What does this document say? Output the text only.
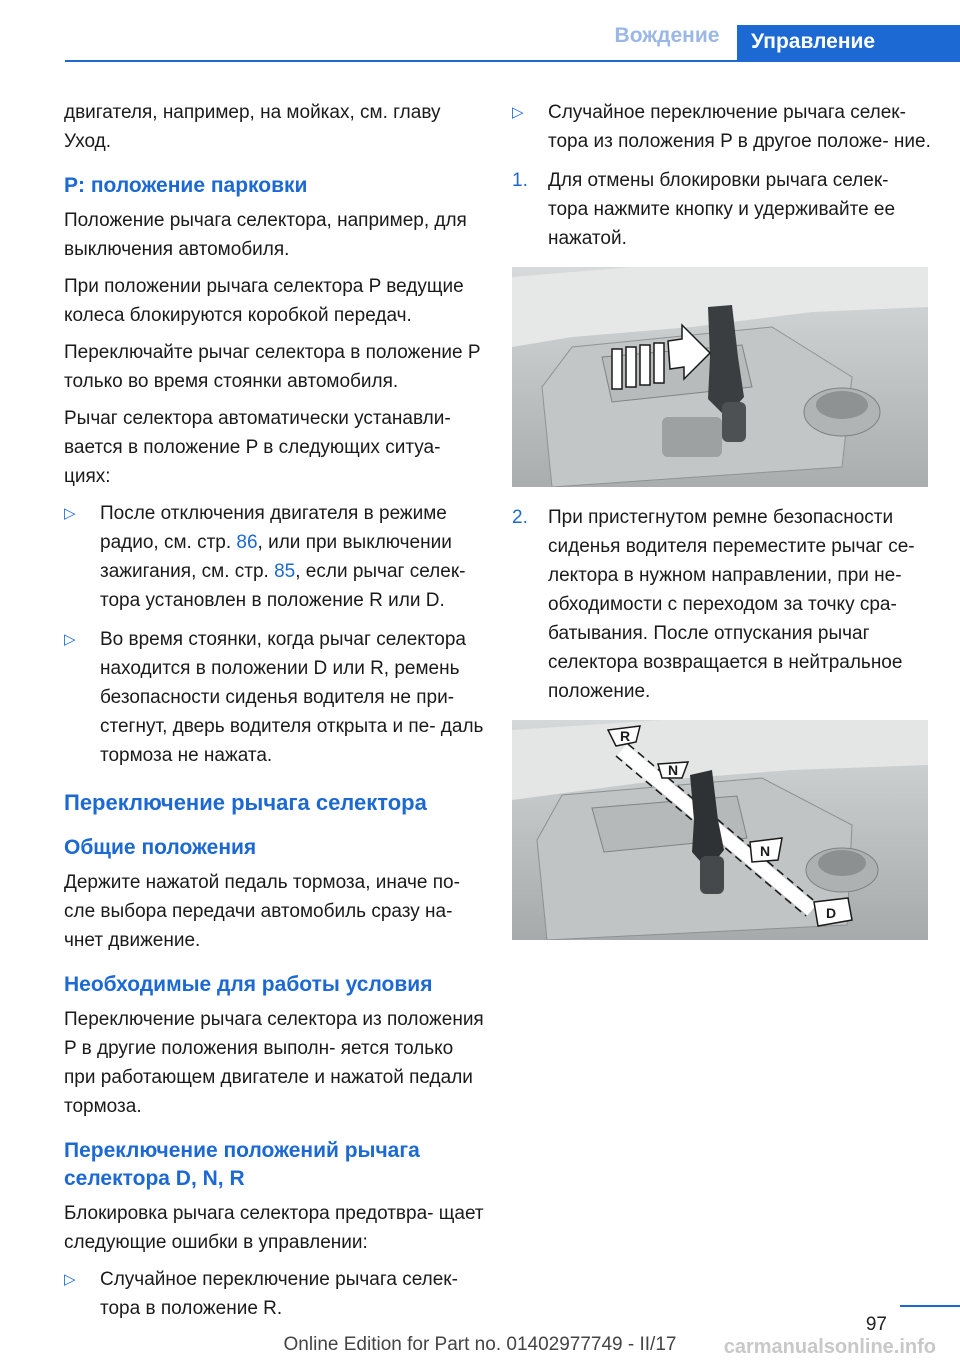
Вождение	Управление

двигателя, например, на мойках, см. главу Уход.

P: положение парковки

Положение рычага селектора, например, для выключения автомобиля.

При положении рычага селектора P ведущие колеса блокируются коробкой передач.

Переключайте рычаг селектора в положение P только во время стоянки автомобиля.

Рычаг селектора автоматически устанавли- вается в положение P в следующих ситуа- циях:

▷	После отключения двигателя в режиме радио, см. стр. 86, или при выключении зажигания, см. стр. 85, если рычаг селек- тора установлен в положение R или D.
▷	Во время стоянки, когда рычаг селектора находится в положении D или R, ремень безопасности сиденья водителя не при- стегнут, дверь водителя открыта и пе- даль тормоза не нажата.
Переключение рычага селектора
Общие положения

Держите нажатой педаль тормоза, иначе по- сле выбора передачи автомобиль сразу на- чнет движение.

Необходимые для работы условия

Переключение рычага селектора из положения P в другие положения выполн- яется только при работающем двигателе и нажатой педали тормоза.

Переключение положений рычага селектора D, N, R

Блокировка рычага селектора предотвра- щает следующие ошибки в управлении:

▷	Случайное переключение рычага селек- тора в положение R.
▷	Случайное переключение рычага селек- тора из положения P в другое положе- ние.
1.	Для отмены блокировки рычага селек- тора нажмите кнопку и удерживайте ее нажатой.
2.	При пристегнутом ремне безопасности сиденья водителя переместите рычаг се- лектора в нужном направлении, при не- обходимости с переходом за точку сра- батывания. После отпускания рычаг селектора возвращается в нейтральное положение.
R
N
N
D
97
Online Edition for Part no. 01402977749 - II/17	carmanualsonline.info
